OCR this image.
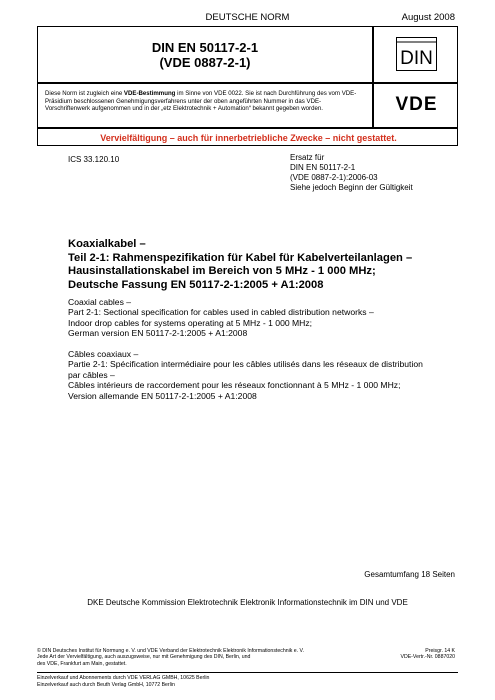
DEUTSCHE NORM	August 2008
DIN EN 50117-2-1
(VDE 0887-2-1)	DIN

Diese Norm ist zugleich eine VDE-Bestimmung im Sinne von VDE 0022. Sie ist nach Durchführung des vom VDE-Präsidium beschlossenen Genehmigungsverfahrens unter der oben angeführten Nummer in das VDE-Vorschriftenwerk aufgenommen und in der „etz Elektrotechnik + Automation“ bekannt gegeben worden.	VDE
Vervielfältigung – auch für innerbetriebliche Zwecke – nicht gestattet.
ICS 33.120.10	Ersatz für
DIN EN 50117-2-1
(VDE 0887-2-1):2006-03
Siehe jedoch Beginn der Gültigkeit
Koaxialkabel –
Teil 2-1: Rahmenspezifikation für Kabel für Kabelverteilanlagen –
Hausinstallationskabel im Bereich von 5 MHz - 1 000 MHz;
Deutsche Fassung EN 50117-2-1:2005 + A1:2008
Coaxial cables –
Part 2-1: Sectional specification for cables used in cabled distribution networks –
Indoor drop cables for systems operating at 5 MHz - 1 000 MHz;
German version EN 50117-2-1:2005 + A1:2008
Câbles coaxiaux –
Partie 2-1: Spécification intermédiaire pour les câbles utilisés dans les réseaux de distribution
par câbles –
Câbles intérieurs de raccordement pour les réseaux fonctionnant à 5 MHz - 1 000 MHz;
Version allemande EN 50117-2-1:2005 + A1:2008
Gesamtumfang 18 Seiten
DKE Deutsche Kommission Elektrotechnik Elektronik Informationstechnik im DIN und VDE
© DIN Deutsches Institut für Normung e. V. und VDE Verband der Elektrotechnik Elektronik Informationstechnik e. V.
Jede Art der Vervielfältigung, auch auszugsweise, nur mit Genehmigung des DIN, Berlin, und
des VDE, Frankfurt am Main, gestattet.
Preisgr. 14 K
VDE-Vertr.-Nr. 0887020
Einzelverkauf und Abonnements durch VDE VERLAG GMBH, 10625 Berlin
Einzelverkauf auch durch Beuth Verlag GmbH, 10772 Berlin
